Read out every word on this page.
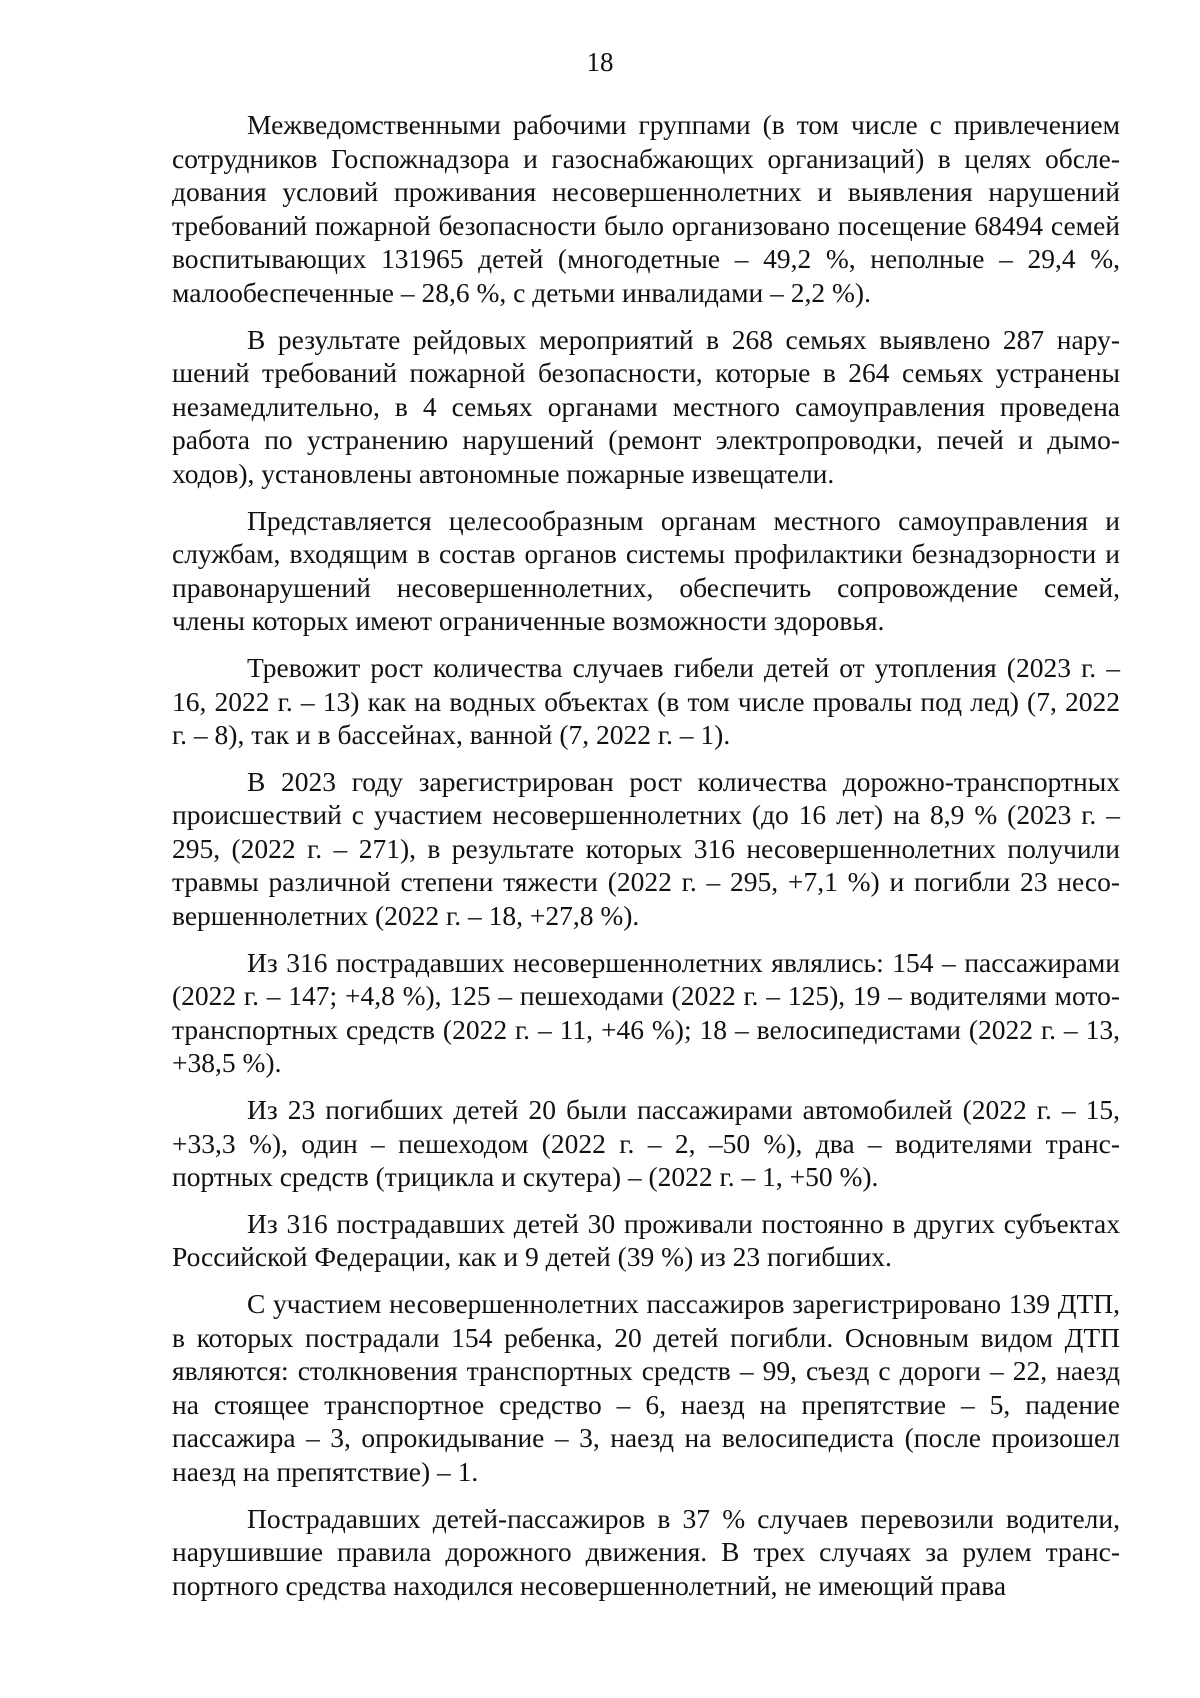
18

Межведомственными рабочими группами (в том числе с привлечением сотрудников Госпожнадзора и газоснабжающих организаций) в целях обследования условий проживания несовершеннолетних и выявления нарушений требований пожарной безопасности было организовано посещение 68494 семей воспитывающих 131965 детей (многодетные – 49,2 %, неполные – 29,4 %, малообеспеченные – 28,6 %, с детьми инвалидами – 2,2 %).

В результате рейдовых мероприятий в 268 семьях выявлено 287 нарушений требований пожарной безопасности, которые в 264 семьях устранены незамедлительно, в 4 семьях органами местного самоуправления проведена работа по устранению нарушений (ремонт электропроводки, печей и дымоходов), установлены автономные пожарные извещатели.

Представляется целесообразным органам местного самоуправления и службам, входящим в состав органов системы профилактики безнадзорности и правонарушений несовершеннолетних, обеспечить сопровождение семей, члены которых имеют ограниченные возможности здоровья.

Тревожит рост количества случаев гибели детей от утопления (2023 г. – 16, 2022 г. – 13) как на водных объектах (в том числе провалы под лед) (7, 2022 г. – 8), так и в бассейнах, ванной (7, 2022 г. – 1).

В 2023 году зарегистрирован рост количества дорожно-транспортных происшествий с участием несовершеннолетних (до 16 лет) на 8,9 % (2023 г. – 295, (2022 г. – 271), в результате которых 316 несовершеннолетних получили травмы различной степени тяжести (2022 г. – 295, +7,1 %) и погибли 23 несовершеннолетних (2022 г. – 18, +27,8 %).

Из 316 пострадавших несовершеннолетних являлись: 154 – пассажирами (2022 г. – 147; +4,8 %), 125 – пешеходами (2022 г. – 125), 19 – водителями мото-транспортных средств (2022 г. – 11, +46 %); 18 – велосипедистами (2022 г. – 13, +38,5 %).

Из 23 погибших детей 20 были пассажирами автомобилей (2022 г. – 15, +33,3 %), один – пешеходом (2022 г. – 2, –50 %), два – водителями транспортных средств (трицикла и скутера) – (2022 г. – 1, +50 %).

Из 316 пострадавших детей 30 проживали постоянно в других субъектах Российской Федерации, как и 9 детей (39 %) из 23 погибших.

С участием несовершеннолетних пассажиров зарегистрировано 139 ДТП, в которых пострадали 154 ребенка, 20 детей погибли. Основным видом ДТП являются: столкновения транспортных средств – 99, съезд с дороги – 22, наезд на стоящее транспортное средство – 6, наезд на препятствие – 5, падение пассажира – 3, опрокидывание – 3, наезд на велосипедиста (после произошел наезд на препятствие) – 1.

Пострадавших детей-пассажиров в 37 % случаев перевозили водители, нарушившие правила дорожного движения. В трех случаях за рулем транспортного средства находился несовершеннолетний, не имеющий права
